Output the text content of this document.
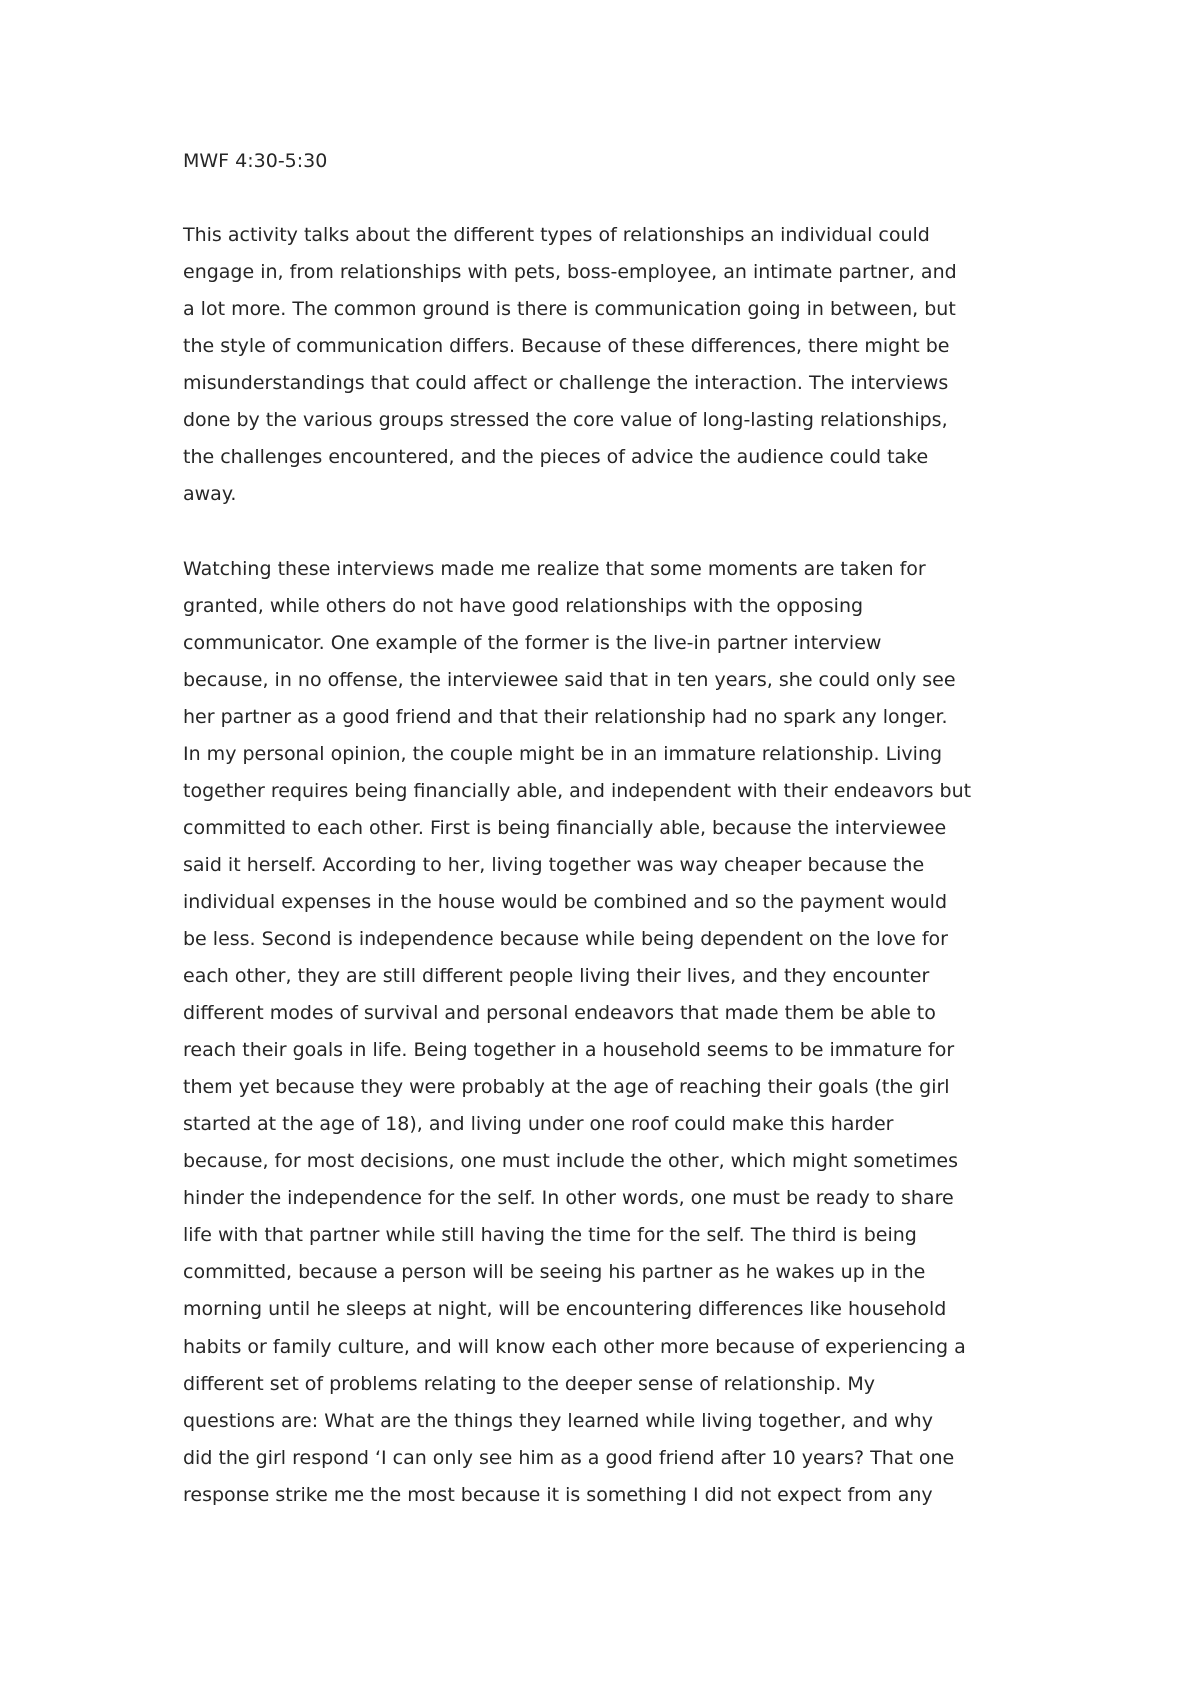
MWF 4:30-5:30
This activity talks about the different types of relationships an individual could
engage in, from relationships with pets, boss-employee, an intimate partner, and
a lot more. The common ground is there is communication going in between, but
the style of communication differs. Because of these differences, there might be
misunderstandings that could affect or challenge the interaction. The interviews
done by the various groups stressed the core value of long-lasting relationships,
the challenges encountered, and the pieces of advice the audience could take
away.
Watching these interviews made me realize that some moments are taken for
granted, while others do not have good relationships with the opposing
communicator. One example of the former is the live-in partner interview
because, in no offense, the interviewee said that in ten years, she could only see
her partner as a good friend and that their relationship had no spark any longer.
In my personal opinion, the couple might be in an immature relationship. Living
together requires being financially able, and independent with their endeavors but
committed to each other. First is being financially able, because the interviewee
said it herself. According to her, living together was way cheaper because the
individual expenses in the house would be combined and so the payment would
be less. Second is independence because while being dependent on the love for
each other, they are still different people living their lives, and they encounter
different modes of survival and personal endeavors that made them be able to
reach their goals in life. Being together in a household seems to be immature for
them yet because they were probably at the age of reaching their goals (the girl
started at the age of 18), and living under one roof could make this harder
because, for most decisions, one must include the other, which might sometimes
hinder the independence for the self. In other words, one must be ready to share
life with that partner while still having the time for the self. The third is being
committed, because a person will be seeing his partner as he wakes up in the
morning until he sleeps at night, will be encountering differences like household
habits or family culture, and will know each other more because of experiencing a
different set of problems relating to the deeper sense of relationship. My
questions are: What are the things they learned while living together, and why
did the girl respond ‘I can only see him as a good friend after 10 years? That one
response strike me the most because it is something I did not expect from any
